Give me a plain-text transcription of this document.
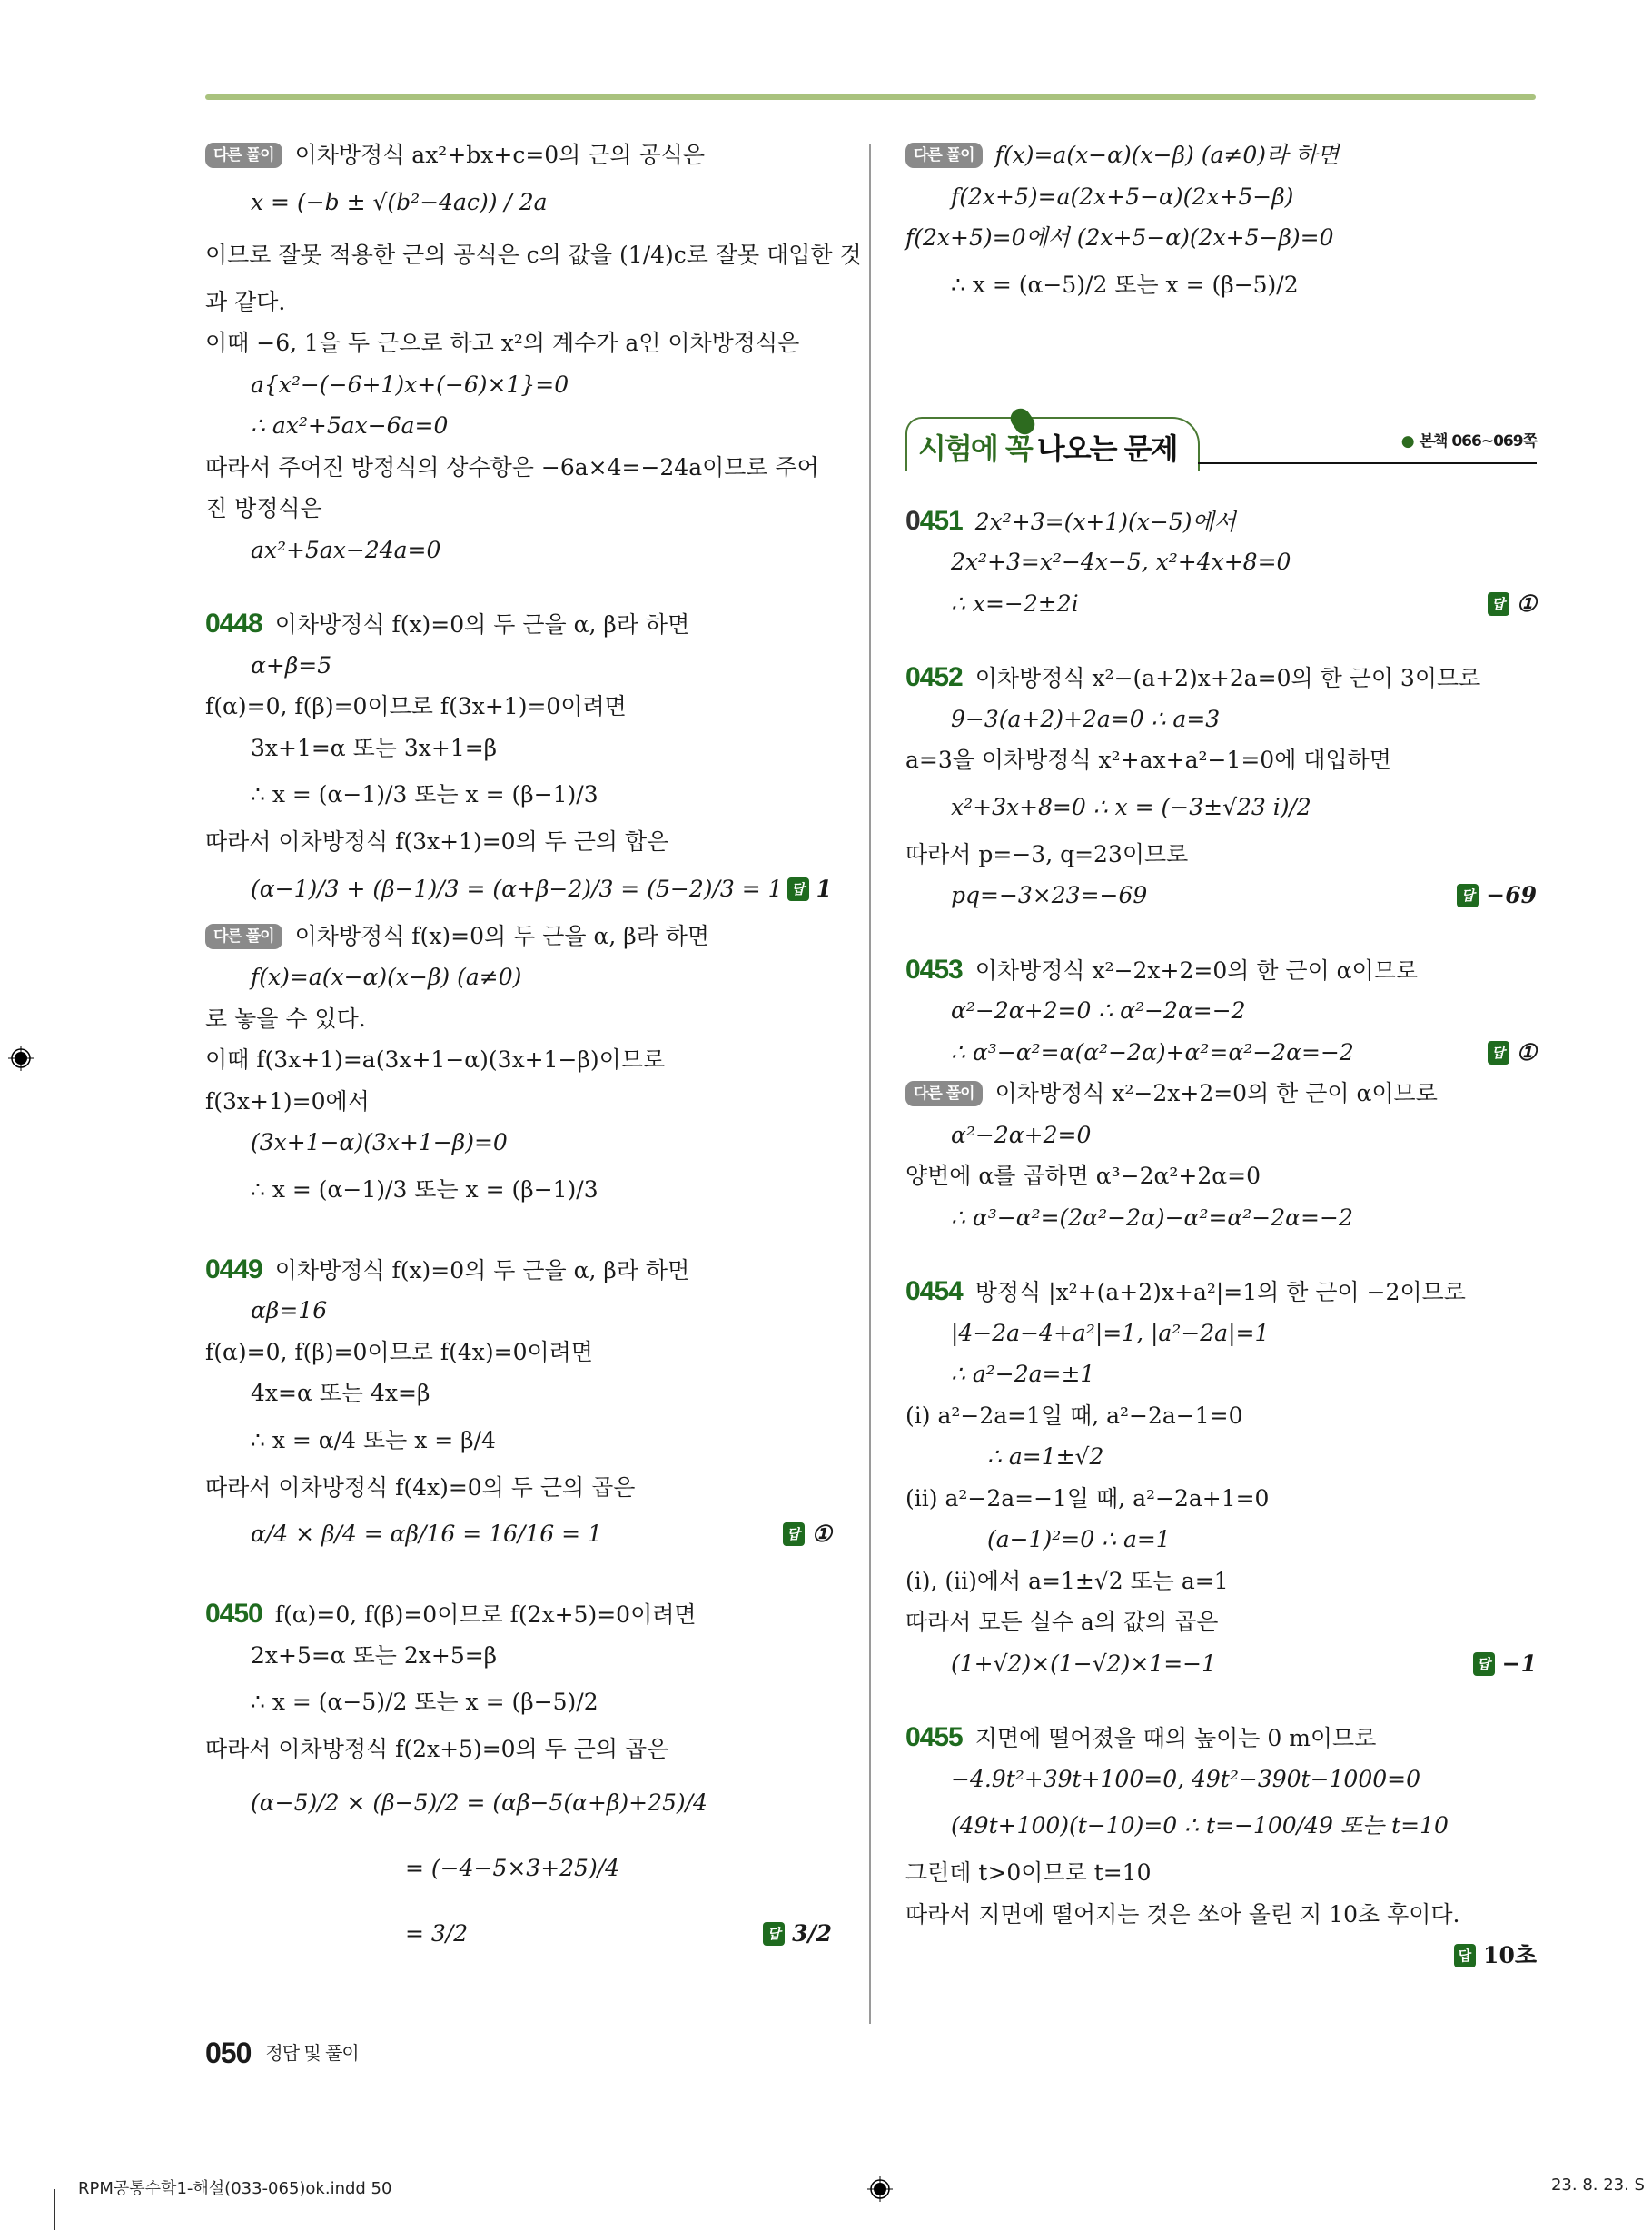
다른 풀이 이차방정식 ax²+bx+c=0의 근의 공식은
x = (−b ± √(b²−4ac)) / 2a
이므로 잘못 적용한 근의 공식은 c의 값을 (1/4)c로 잘못 대입한 것
과 같다.
이때 −6, 1을 두 근으로 하고 x²의 계수가 a인 이차방정식은
a{x²−(−6+1)x+(−6)×1}=0
∴ ax²+5ax−6a=0
따라서 주어진 방정식의 상수항은 −6a×4=−24a이므로 주어
진 방정식은
ax²+5ax−24a=0
0448 이차방정식 f(x)=0의 두 근을 α, β라 하면
α+β=5
f(α)=0, f(β)=0이므로 f(3x+1)=0이려면
3x+1=α 또는 3x+1=β
∴ x = (α−1)/3 또는 x = (β−1)/3
따라서 이차방정식 f(3x+1)=0의 두 근의 합은
(α−1)/3 + (β−1)/3 = (α+β−2)/3 = (5−2)/3 = 1 답 1
다른 풀이 이차방정식 f(x)=0의 두 근을 α, β라 하면
f(x)=a(x−α)(x−β) (a≠0)
로 놓을 수 있다.
이때 f(3x+1)=a(3x+1−α)(3x+1−β)이므로
f(3x+1)=0에서
(3x+1−α)(3x+1−β)=0
∴ x = (α−1)/3 또는 x = (β−1)/3
0449 이차방정식 f(x)=0의 두 근을 α, β라 하면
αβ=16
f(α)=0, f(β)=0이므로 f(4x)=0이려면
4x=α 또는 4x=β
∴ x = α/4 또는 x = β/4
따라서 이차방정식 f(4x)=0의 두 근의 곱은
α/4 × β/4 = αβ/16 = 16/16 = 1	답 ①
0450 f(α)=0, f(β)=0이므로 f(2x+5)=0이려면
2x+5=α 또는 2x+5=β
∴ x = (α−5)/2 또는 x = (β−5)/2
따라서 이차방정식 f(2x+5)=0의 두 근의 곱은
(α−5)/2 × (β−5)/2 = (αβ−5(α+β)+25)/4
= (−4−5×3+25)/4
= 3/2	답 3/2
다른 풀이 f(x)=a(x−α)(x−β) (a≠0)라 하면
f(2x+5)=a(2x+5−α)(2x+5−β)
f(2x+5)=0에서 (2x+5−α)(2x+5−β)=0
∴ x = (α−5)/2 또는 x = (β−5)/2
시험에 꼭 나오는 문제	● 본책 066~069쪽
0451 2x²+3=(x+1)(x−5)에서
2x²+3=x²−4x−5, x²+4x+8=0
∴ x=−2±2i	답 ①
0452 이차방정식 x²−(a+2)x+2a=0의 한 근이 3이므로
9−3(a+2)+2a=0 ∴ a=3
a=3을 이차방정식 x²+ax+a²−1=0에 대입하면
x²+3x+8=0 ∴ x = (−3±√23 i)/2
따라서 p=−3, q=23이므로
pq=−3×23=−69	답 −69
0453 이차방정식 x²−2x+2=0의 한 근이 α이므로
α²−2α+2=0 ∴ α²−2α=−2
∴ α³−α²=α(α²−2α)+α²=α²−2α=−2	답 ①
다른 풀이 이차방정식 x²−2x+2=0의 한 근이 α이므로
α²−2α+2=0
양변에 α를 곱하면 α³−2α²+2α=0
∴ α³−α²=(2α²−2α)−α²=α²−2α=−2
0454 방정식 |x²+(a+2)x+a²|=1의 한 근이 −2이므로
|4−2a−4+a²|=1, |a²−2a|=1
∴ a²−2a=±1
(i) a²−2a=1일 때, a²−2a−1=0
∴ a=1±√2
(ii) a²−2a=−1일 때, a²−2a+1=0
(a−1)²=0 ∴ a=1
(i), (ii)에서 a=1±√2 또는 a=1
따라서 모든 실수 a의 값의 곱은
(1+√2)×(1−√2)×1=−1	답 −1
0455 지면에 떨어졌을 때의 높이는 0 m이므로
−4.9t²+39t+100=0, 49t²−390t−1000=0
(49t+100)(t−10)=0 ∴ t=−100/49 또는 t=10
그런데 t>0이므로 t=10
따라서 지면에 떨어지는 것은 쏘아 올린 지 10초 후이다.
답 10초
050 정답 및 풀이
RPM공통수학1-해설(033-065)ok.indd 50	23. 8. 23. S
